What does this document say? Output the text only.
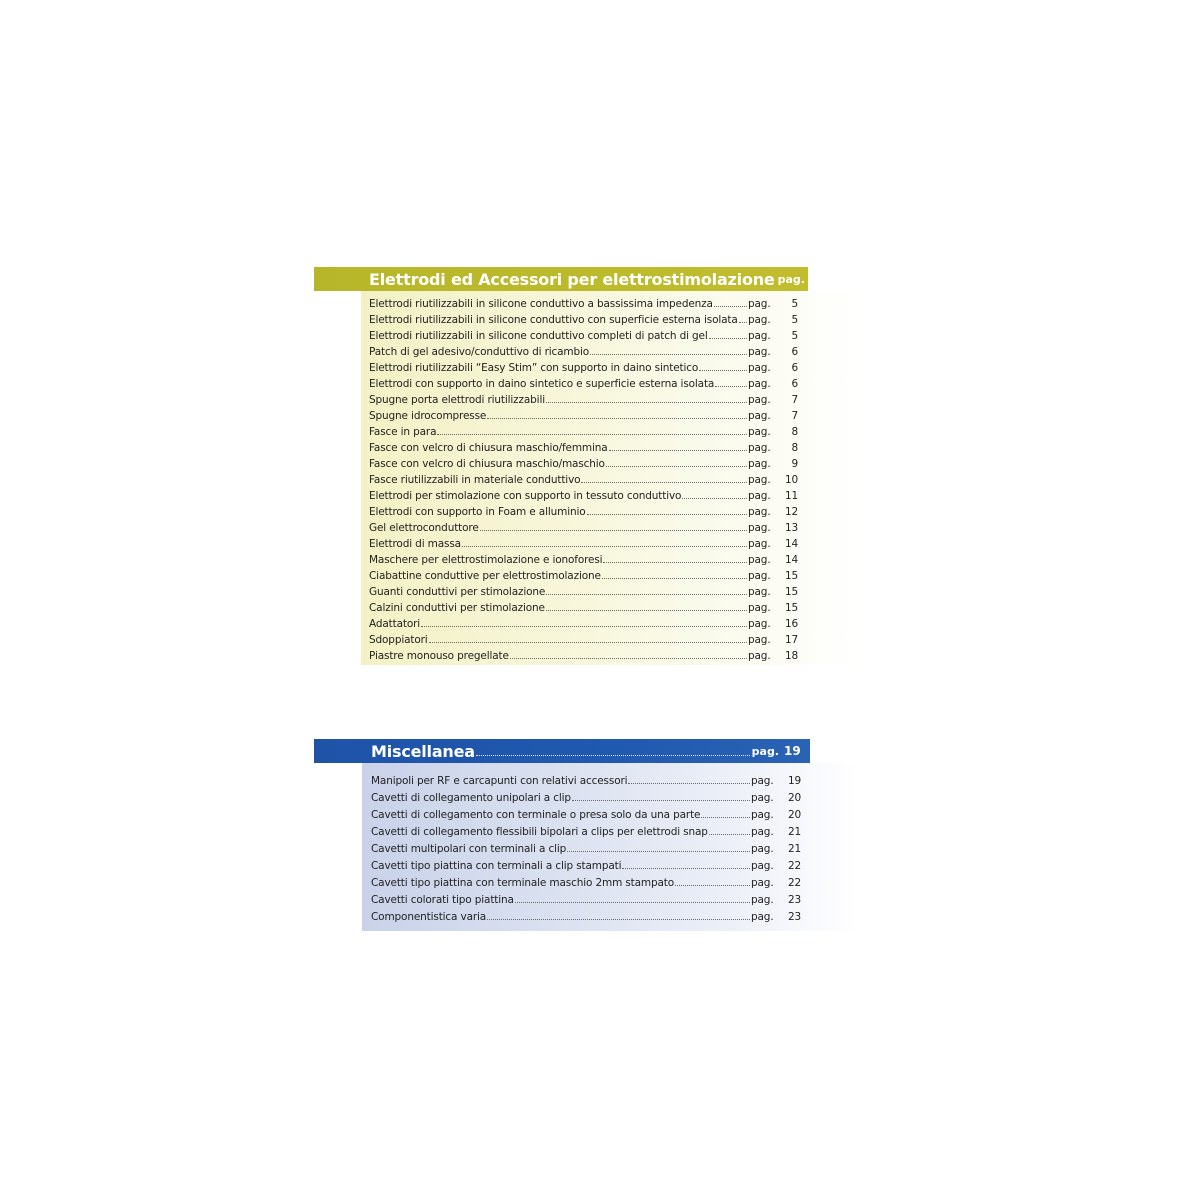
Elettrodi ed Accessori per elettrostimolazione pag. 5
Elettrodi riutilizzabili in silicone conduttivo a bassissima impedenza	pag.	5
Elettrodi riutilizzabili in silicone conduttivo con superficie esterna isolata pag.	5
Elettrodi riutilizzabili in silicone conduttivo completi di patch di gel	pag.	5
Patch di gel adesivo/conduttivo di ricambio	pag.	6
Elettrodi riutilizzabili “Easy Stim” con supporto in daino sintetico	pag.	6
Elettrodi con supporto in daino sintetico e superficie esterna isolata	pag.	6
Spugne porta elettrodi riutilizzabili	pag.	7
Spugne idrocompresse	pag.	7
Fasce in para	pag.	8
Fasce con velcro di chiusura maschio/femmina	pag.	8
Fasce con velcro di chiusura maschio/maschio	pag.	9
Fasce riutilizzabili in materiale conduttivo	pag.	10
Elettrodi per stimolazione con supporto in tessuto conduttivo	pag.	11
Elettrodi con supporto in Foam e alluminio	pag.	12
Gel elettroconduttore	pag.	13
Elettrodi di massa	pag.	14
Maschere per elettrostimolazione e ionoforesi	pag.	14
Ciabattine conduttive per elettrostimolazione	pag.	15
Guanti conduttivi per stimolazione	pag.	15
Calzini conduttivi per stimolazione	pag.	15
Adattatori	pag.	16
Sdoppiatori	pag.	17
Piastre monouso pregellate	pag.	18
Miscellanea	pag. 19
Manipoli per RF e carcapunti con relativi accessori	pag.	19
Cavetti di collegamento unipolari a clip	pag.	20
Cavetti di collegamento con terminale o presa solo da una parte	pag.	20
Cavetti di collegamento flessibili bipolari a clips per elettrodi snap	pag.	21
Cavetti multipolari con terminali a clip	pag.	21
Cavetti tipo piattina con terminali a clip stampati	pag.	22
Cavetti tipo piattina con terminale maschio 2mm stampato	pag.	22
Cavetti colorati tipo piattina	pag.	23
Componentistica varia	pag.	23
